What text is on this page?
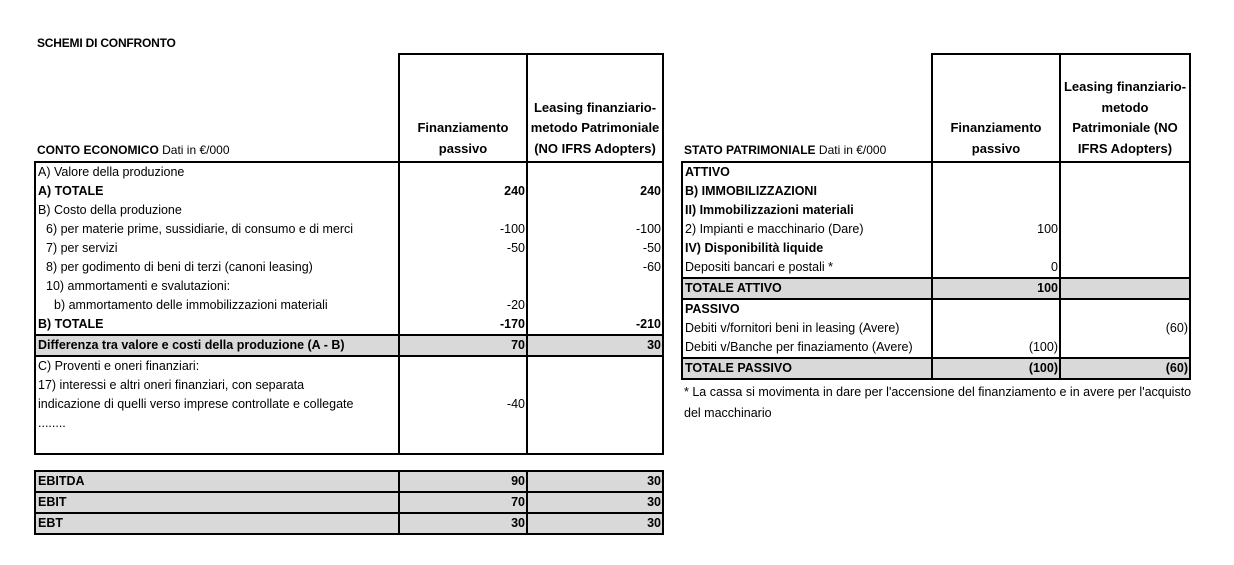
SCHEMI DI CONFRONTO
CONTO ECONOMICO Dati in €/000	Finanziamento passivo	Leasing finanziario-metodo Patrimoniale (NO IFRS Adopters)
A) Valore della produzione		
A) TOTALE	240	240
B) Costo della produzione		
6) per materie prime, sussidiarie, di consumo e di merci	-100	-100
7) per servizi	-50	-50
8) per godimento di beni di terzi (canoni leasing)		-60
10) ammortamenti e svalutazioni:		
b) ammortamento delle immobilizzazioni materiali	-20	
B) TOTALE	-170	-210
Differenza tra valore e costi della produzione (A - B)	70	30
C) Proventi e oneri finanziari:		
17) interessi e altri oneri finanziari, con separata		
indicazione di quelli verso imprese controllate e collegate	-40	
........		

EBITDA	90	30
EBIT	70	30
EBT	30	30
STATO PATRIMONIALE Dati in €/000	Finanziamento passivo	Leasing finanziario-metodo Patrimoniale (NO IFRS Adopters)
ATTIVO		
B) IMMOBILIZZAZIONI		
II) Immobilizzazioni materiali		
2) Impianti e macchinario (Dare)	100	
IV) Disponibilità liquide		
Depositi bancari e postali *	0	
TOTALE ATTIVO	100	
PASSIVO		
Debiti v/fornitori beni in leasing (Avere)		(60)
Debiti v/Banche per finaziamento (Avere)	(100)	
TOTALE PASSIVO	(100)	(60)
* La cassa si movimenta in dare per l'accensione del finanziamento e in avere per l'acquisto del macchinario
